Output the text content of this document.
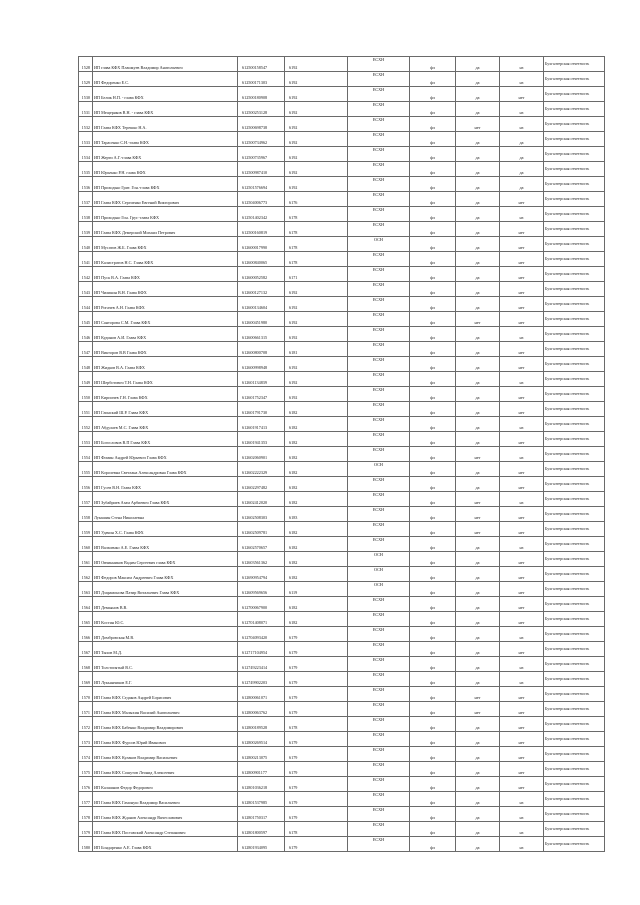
1528	ИП глава КФХ Плашкуев Владимир Анатольевич	612500158547	6192	ЕСХН	фл	да	нз	Бухгалтерская отчетность
1529	ИП Федоренко Е.С.	612500171303	6192	ЕСХН	фл	да	нз	Бухгалтерская отчетность
1530	ИП Белик Н.П. - глава КФХ	612500180908	6192	ЕСХН	фл	да	нет	Бухгалтерская отчетность
1531	ИП Мещеряков В.Н. - глава КФХ	612500253128	6192	ЕСХН	фл	да	нз	Бухгалтерская отчетность
1532	ИП Глава КФХ Терешко Н.А.	612500698738	6192	ЕСХН	фл	нет	нз	Бухгалтерская отчетность
1533	ИП Тарасенко С.Н.-глава КФХ	612500734962	6192	ЕСХН	фл	да	да	Бухгалтерская отчетность
1534	ИП Жерти А.Г.-глава КФХ	612500735967	6192	ЕСХН	фл	да	да	Бухгалтерская отчетность
1535	ИП Юрьенко Р.Н. глава КФХ	612500987410	6192	ЕСХН	фл	да	да	Бухгалтерская отчетность
1536	ИП Приходько Грит. Гон.-глава КФХ	612501576694	6192	ЕСХН	фл	да	да	Бухгалтерская отчетность
1537	ИП Глава КФХ Сергиенко Евгений Викторович	612504006773	6176	ЕСХН	фл	да	нет	Бухгалтерская отчетность
1538	ИП Приходько Гон. Груг.-глава КФХ	612501402342	6178	ЕСХН	фл	да	нз	Бухгалтерская отчетность
1539	ИП Глава КФХ Демерский Михаил Петрович	612500160819	6178	ЕСХН	фл	да	нет	Бухгалтерская отчетность
1540	ИП Мусатов Ж.Б. Глава КФХ	612600017990	6178	ОСН	фл	да	нет	Бухгалтерская отчетность
1541	ИП Калистратов Н.С. Глава КФХ	612600840065	6178	ЕСХН	фл	да	нет	Бухгалтерская отчетность
1542	ИП Пуск В.А. Глава КФХ	612600052582	6171	ЕСХН	фл	да	нет	Бухгалтерская отчетность
1543	ИП Чиликин В.Н. Глава КФХ	612600127132	6192	ЕСХН	фл	да	нет	Бухгалтерская отчетность
1544	ИП Рогачев А.Н. Глава КФХ	612600134604	6192	ЕСХН	фл	да	нет	Бухгалтерская отчетность
1545	ИП Санторова С.М. Глава КФХ	612600451980	6192	ЕСХН	фл	нет	нет	Бухгалтерская отчетность
1546	ИП Кудинов А.И. Глава КФХ	612600661315	6192	ЕСХН	фл	да	нз	Бухгалтерская отчетность
1547	ИП Викторов В.В Глава КФХ	612600800708	6181	ЕСХН	фл	да	нет	Бухгалтерская отчетность
1548	ИП Жидков В.А. Глава КФХ	612600998948	6192	ЕСХН	фл	да	нет	Бухгалтерская отчетность
1549	ИП Шерботович Т.Н. Глава КФХ	612601134839	6192	ЕСХН	фл	да	нз	Бухгалтерская отчетность
1550	ИП Кирпичев Г.Н. Глава КФХ	612601752347	6192	ЕСХН	фл	да	нет	Бухгалтерская отчетность
1551	ИП Глинский Ш.Р. Глава КФХ	612601791730	6182	ЕСХН	фл	да	нет	Бухгалтерская отчетность
1552	ИП Абдулаев М.С. Глава КФХ	612601917413	6182	ЕСХН	фл	да	нз	Бухгалтерская отчетность
1553	ИП Богословов В.П Глава КФХ	612601941353	6182	ЕСХН	фл	да	нет	Бухгалтерская отчетность
1554	ИП Фомин Андрей Юрьевич Глава КФХ	612602060901	6182	ЕСХН	фл	нет	нз	Бухгалтерская отчетность
1555	ИП Королевна Светлана Александровна Глава КФХ	612602222329	6182	ОСН	фл	да	нет	Бухгалтерская отчетность
1556	ИП Гусев В.Н. Глава КФХ	612602297482	6182	ЕСХН	фл	да	нет	Бухгалтерская отчетность
1557	ИП Зубайриев Азам Арбиевич Глава КФХ	612602412020	6182	ЕСХН	фл	нет	нз	Бухгалтерская отчетность
1558	Лукашин Стена Николаевна	612602508303	6183	ЕСХН	фл	нет	нет	Бухгалтерская отчетность
1559	ИП Удачин Х.С. Глава КФХ	612602509781	6182	ЕСХН	фл	нет	нет	Бухгалтерская отчетность
1560	ИП Вальченко А.Е. Глава КФХ	612602570657	6182	ЕСХН	фл	да	нз	Бухгалтерская отчетность
1561	ИП Овчинников Вадим Сергеевич глава КФХ	612603561362	6182	ОСН	фл	да	нет	Бухгалтерская отчетность
1562	ИП Федоров Максим Андреевич Глава КФХ	612690954794	6182	ОСН	фл	да	нет	Бухгалтерская отчетность
1563	ИП Дзарамонова Патир Витальевич Глава КФХ	612609569656	6119	ОСН	фл	да	нет	Бухгалтерская отчетность
1564	ИП Демьянов В.В.	612700067900	6182	ЕСХН	фл	да	нет	Бухгалтерская отчетность
1565	ИП Костин Ю.С.	612701408071	6182	ЕСХН	фл	да	нет	Бухгалтерская отчетность
1566	ИП Домбровская М.В.	612704093420	6179	ЕСХН	фл	да	нз	Бухгалтерская отчетность
1567	ИП Тыхов М.Д.	612717104954	6179	ЕСХН	фл	да	нет	Бухгалтерская отчетность
1568	ИП Толстопятый В.С.	612749223414	6179	ЕСХН	фл	да	нз	Бухгалтерская отчетность
1569	ИП Лукьянчиков Е.Г.	612749902203	6179	ЕСХН	фл	да	нз	Бухгалтерская отчетность
1570	ИП Глава КФХ Седаков Андрей Борисович	612800061071	6179	ЕСХН	фл	нет	нет	Бухгалтерская отчетность
1571	ИП Глава КФХ Малыхин Василий Анатольевич	612800063762	6179	ЕСХН	фл	нет	нет	Бухгалтерская отчетность
1572	ИП Глава КФХ Бабенко Владимир Владимирович	612800189528	6178	ЕСХН	фл	да	нет	Бухгалтерская отчетность
1573	ИП Глава КФХ Фурсов Юрий Иванович	612800269514	6179	ЕСХН	фл	да	нет	Бухгалтерская отчетность
1574	ИП Глава КФХ Кулаков Владимир Васильевич	612800213075	6179	ЕСХН	фл	да	нет	Бухгалтерская отчетность
1575	ИП Глава КФХ Сошутов Леонид Алексеевич	612800901177	6179	ЕСХН	фл	да	нет	Бухгалтерская отчетность
1576	ИП Калашнов Федор Федорович	612801036218	6179	ЕСХН	фл	да	нет	Бухгалтерская отчетность
1577	ИП Глава КФХ Гамонуш Владимир Васильевич	612801537985	6179	ЕСХН	фл	да	нз	Бухгалтерская отчетность
1578	ИП Глава КФХ Жданов Александр Вячеславович	612801750317	6179	ЕСХН	фл	да	нз	Бухгалтерская отчетность
1579	ИП Глава КФХ Поставский Александр Степанович	612801800597	6178	ЕСХН	фл	да	нз	Бухгалтерская отчетность
1580	ИП Бондаренко А.Е. Глава КФХ	612801934095	6179	ЕСХН	фл	да	нз	Бухгалтерская отчетность
